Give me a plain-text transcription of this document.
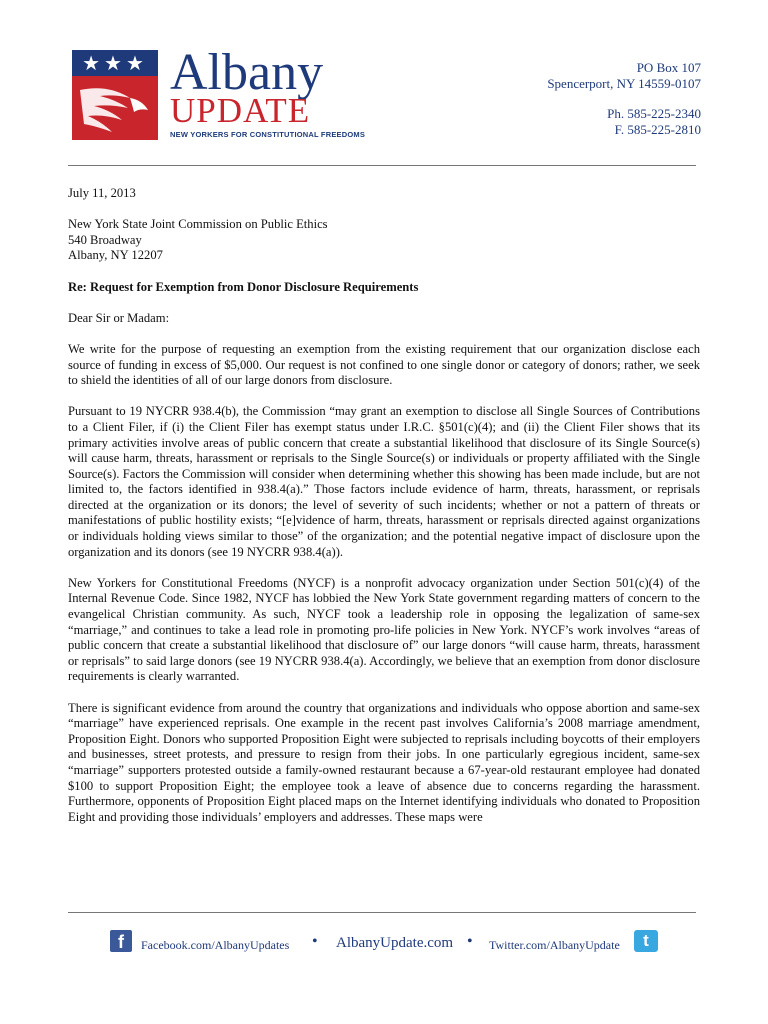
★★★ Albany
UPDATE
NEW YORKERS FOR CONSTITUTIONAL FREEDOMS
PO Box 107
Spencerport, NY 14559-0107
Ph. 585-225-2340
F. 585-225-2810

July 11, 2013

New York State Joint Commission on Public Ethics
540 Broadway
Albany, NY 12207

Re: Request for Exemption from Donor Disclosure Requirements

Dear Sir or Madam:

We write for the purpose of requesting an exemption from the existing requirement that our organization disclose each source of funding in excess of $5,000. Our request is not confined to one single donor or category of donors; rather, we seek to shield the identities of all of our large donors from disclosure.

Pursuant to 19 NYCRR 938.4(b), the Commission “may grant an exemption to disclose all Single Sources of Contributions to a Client Filer, if (i) the Client Filer has exempt status under I.R.C. §501(c)(4); and (ii) the Client Filer shows that its primary activities involve areas of public concern that create a substantial likelihood that disclosure of its Single Source(s) will cause harm, threats, harassment or reprisals to the Single Source(s) or individuals or property affiliated with the Single Source(s). Factors the Commission will consider when determining whether this showing has been made include, but are not limited to, the factors identified in 938.4(a).” Those factors include evidence of harm, threats, harassment, or reprisals directed at the organization or its donors; the level of severity of such incidents; whether or not a pattern of threats or manifestations of public hostility exists; “[e]vidence of harm, threats, harassment or reprisals directed against organizations or individuals holding views similar to those” of the organization; and the potential negative impact of disclosure upon the organization and its donors (see 19 NYCRR 938.4(a)).

New Yorkers for Constitutional Freedoms (NYCF) is a nonprofit advocacy organization under Section 501(c)(4) of the Internal Revenue Code. Since 1982, NYCF has lobbied the New York State government regarding matters of concern to the evangelical Christian community. As such, NYCF took a leadership role in opposing the legalization of same-sex “marriage,” and continues to take a lead role in promoting pro-life policies in New York. NYCF’s work involves “areas of public concern that create a substantial likelihood that disclosure of” our large donors “will cause harm, threats, harassment or reprisals” to said large donors (see 19 NYCRR 938.4(a). Accordingly, we believe that an exemption from donor disclosure requirements is clearly warranted.

There is significant evidence from around the country that organizations and individuals who oppose abortion and same-sex “marriage” have experienced reprisals. One example in the recent past involves California’s 2008 marriage amendment, Proposition Eight. Donors who supported Proposition Eight were subjected to reprisals including boycotts of their employers and businesses, street protests, and pressure to resign from their jobs. In one particularly egregious incident, same-sex “marriage” supporters protested outside a family-owned restaurant because a 67-year-old restaurant employee had donated $100 to support Proposition Eight; the employee took a leave of absence due to concerns regarding the harassment. Furthermore, opponents of Proposition Eight placed maps on the Internet identifying individuals who donated to Proposition Eight and providing those individuals’ employers and addresses. These maps were

f	Facebook.com/AlbanyUpdates • AlbanyUpdate.com • Twitter.com/AlbanyUpdate	t
